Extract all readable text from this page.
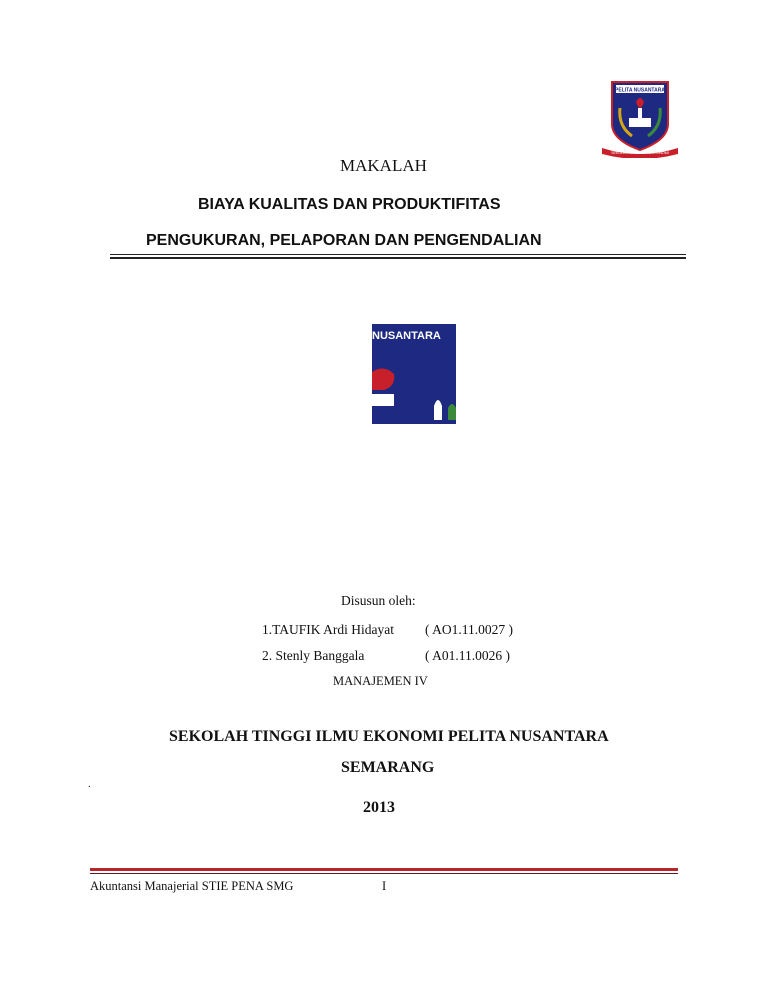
PELITA NUSANTARA
SEKOLAH TINGGI ILMU EKONOMI
MAKALAH
BIAYA KUALITAS DAN PRODUKTIFITAS
PENGUKURAN, PELAPORAN DAN PENGENDALIAN
NUSANTARA
Disusun oleh:
1.TAUFIK Ardi Hidayat ( AO1.11.0027 )
2. Stenly Banggala	( A01.11.0026 )
MANAJEMEN IV
SEKOLAH TINGGI ILMU EKONOMI PELITA NUSANTARA
SEMARANG
.
2013
Akuntansi Manajerial STIE PENA SMG	I
